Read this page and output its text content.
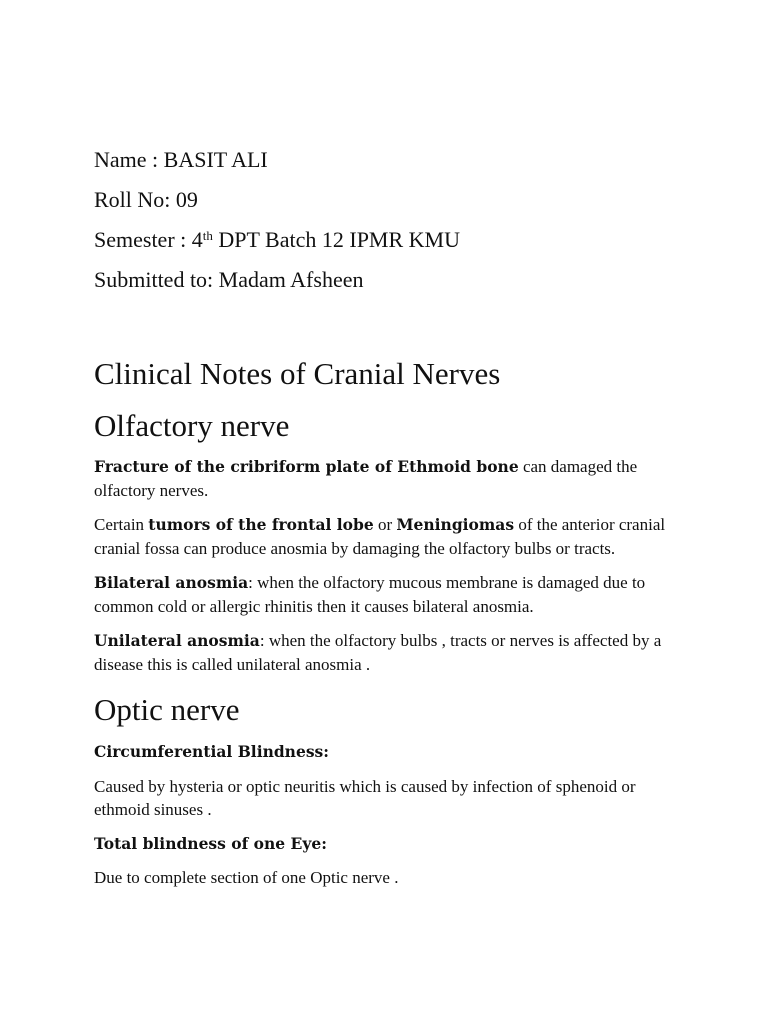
Name : BASIT ALI

Roll No: 09

Semester : 4th DPT Batch 12 IPMR KMU

Submitted to: Madam Afsheen

Clinical Notes of Cranial Nerves
Olfactory nerve

Fracture of the cribriform plate of Ethmoid bone can damaged the olfactory nerves.

Certain tumors of the frontal lobe or Meningiomas of the anterior cranial cranial fossa can produce anosmia by damaging the olfactory bulbs or tracts.

Bilateral anosmia: when the olfactory mucous membrane is damaged due to common cold or allergic rhinitis then it causes bilateral anosmia.

Unilateral anosmia: when the olfactory bulbs , tracts or nerves is affected by a disease this is called unilateral anosmia .

Optic nerve

Circumferential Blindness:

Caused by hysteria or optic neuritis which is caused by infection of sphenoid or ethmoid sinuses .

Total blindness of one Eye:

Due to complete section of one Optic nerve .
